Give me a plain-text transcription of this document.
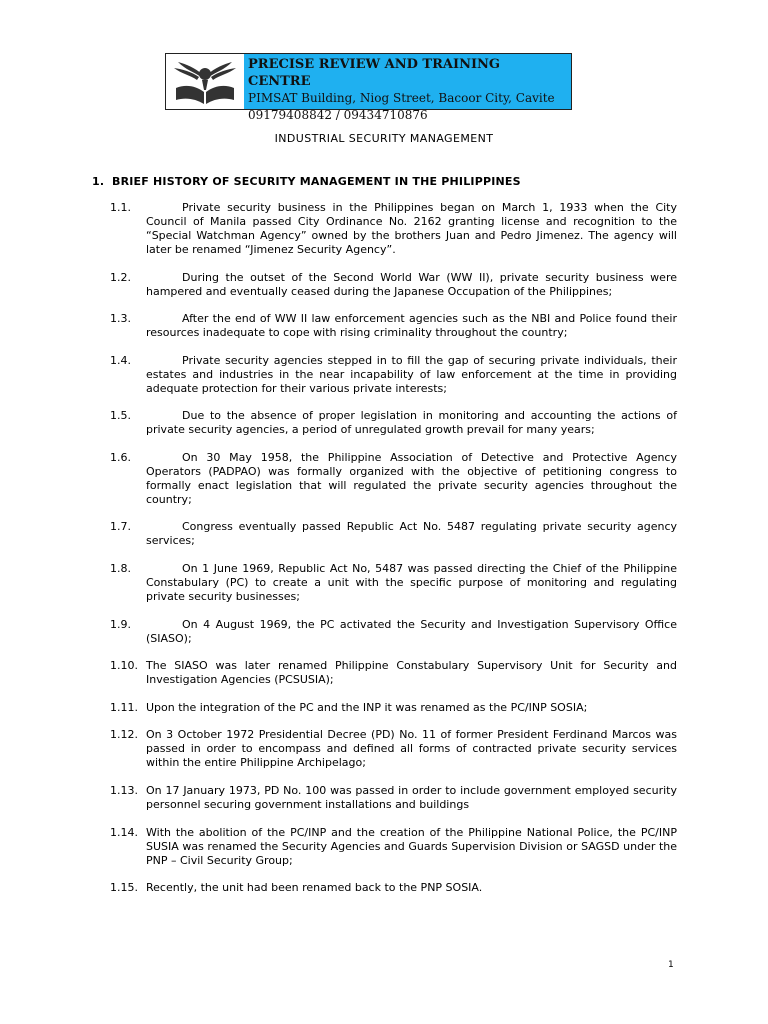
PRECISE REVIEW AND TRAINING CENTRE
PIMSAT Building, Niog Street, Bacoor City, Cavite
09179408842 / 09434710876
INDUSTRIAL SECURITY MANAGEMENT
1. BRIEF HISTORY OF SECURITY MANAGEMENT IN THE PHILIPPINES
1.1.	Private security business in the Philippines began on March 1, 1933 when the City Council of Manila passed City Ordinance No. 2162 granting license and recognition to the “Special Watchman Agency” owned by the brothers Juan and Pedro Jimenez. The agency will later be renamed “Jimenez Security Agency”.
1.2.	During the outset of the Second World War (WW II), private security business were hampered and eventually ceased during the Japanese Occupation of the Philippines;
1.3.	After the end of WW II law enforcement agencies such as the NBI and Police found their resources inadequate to cope with rising criminality throughout the country;
1.4.	Private security agencies stepped in to fill the gap of securing private individuals, their estates and industries in the near incapability of law enforcement at the time in providing adequate protection for their various private interests;
1.5.	Due to the absence of proper legislation in monitoring and accounting the actions of private security agencies, a period of unregulated growth prevail for many years;
1.6.	On 30 May 1958, the Philippine Association of Detective and Protective Agency Operators (PADPAO) was formally organized with the objective of petitioning congress to formally enact legislation that will regulated the private security agencies throughout the country;
1.7.	Congress eventually passed Republic Act No. 5487 regulating private security agency services;
1.8.	On 1 June 1969, Republic Act No, 5487 was passed directing the Chief of the Philippine Constabulary (PC) to create a unit with the specific purpose of monitoring and regulating private security businesses;
1.9.	On 4 August 1969, the PC activated the Security and Investigation Supervisory Office (SIASO);
1.10. The SIASO was later renamed Philippine Constabulary Supervisory Unit for Security and Investigation Agencies (PCSUSIA);
1.11. Upon the integration of the PC and the INP it was renamed as the PC/INP SOSIA;
1.12. On 3 October 1972 Presidential Decree (PD) No. 11 of former President Ferdinand Marcos was passed in order to encompass and defined all forms of contracted private security services within the entire Philippine Archipelago;
1.13. On 17 January 1973, PD No. 100 was passed in order to include government employed security personnel securing government installations and buildings
1.14. With the abolition of the PC/INP and the creation of the Philippine National Police, the PC/INP SUSIA was renamed the Security Agencies and Guards Supervision Division or SAGSD under the PNP – Civil Security Group;
1.15. Recently, the unit had been renamed back to the PNP SOSIA.
1
